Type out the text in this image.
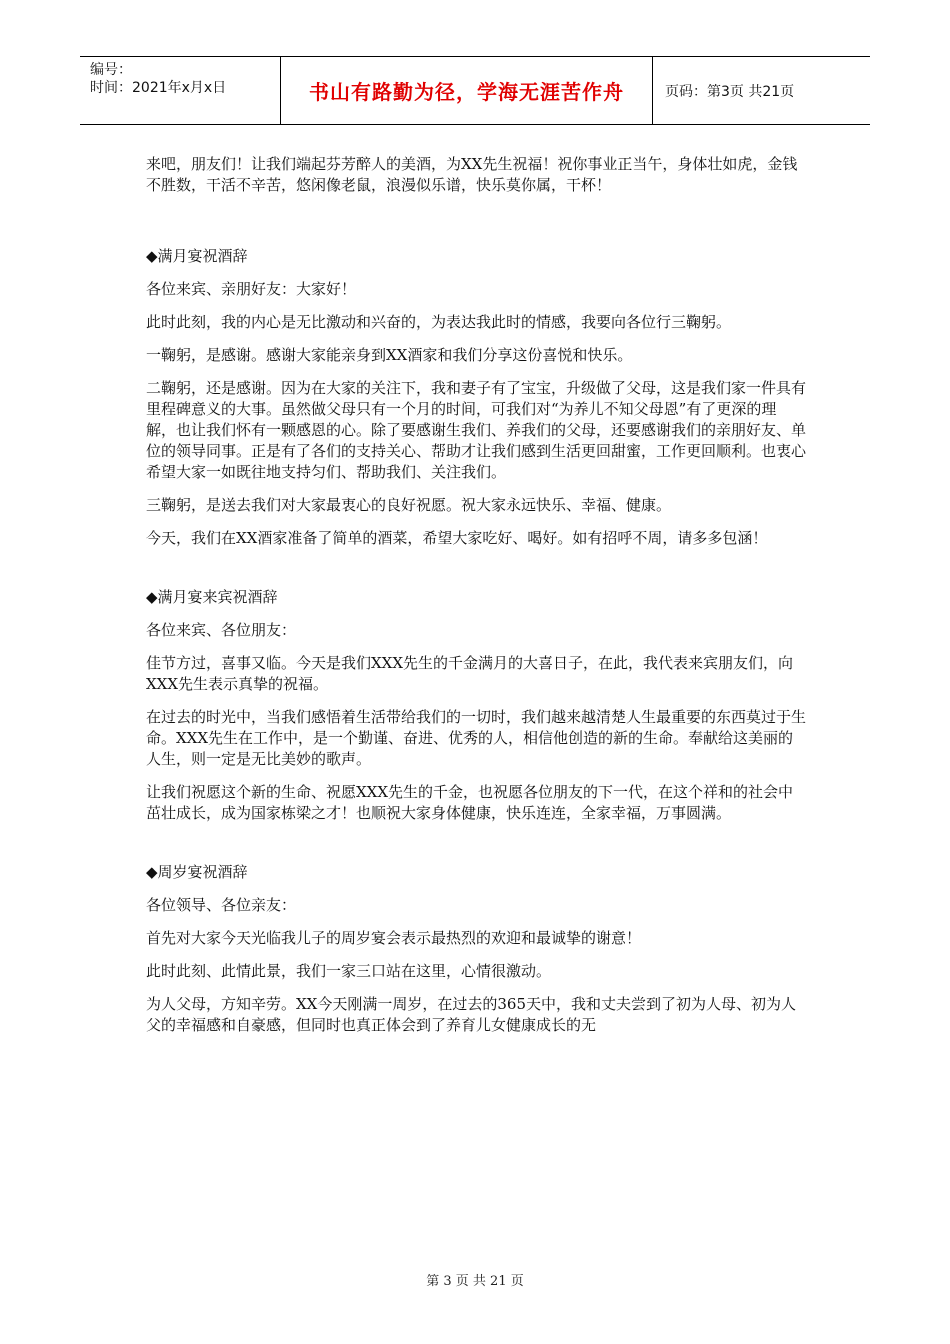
编号：
时间：2021年x月x日	书山有路勤为径，学海无涯苦作舟	页码：第3页 共21页

来吧，朋友们！让我们端起芬芳醉人的美酒，为XX先生祝福！祝你事业正当午，身体壮如虎，金钱不胜数，干活不辛苦，悠闲像老鼠，浪漫似乐谱，快乐莫你属，干杯！

◆满月宴祝酒辞

各位来宾、亲朋好友：大家好！

此时此刻，我的内心是无比激动和兴奋的，为表达我此时的情感，我要向各位行三鞠躬。

一鞠躬，是感谢。感谢大家能亲身到XX酒家和我们分享这份喜悦和快乐。

二鞠躬，还是感谢。因为在大家的关注下，我和妻子有了宝宝，升级做了父母，这是我们家一件具有里程碑意义的大事。虽然做父母只有一个月的时间，可我们对“为养儿不知父母恩”有了更深的理解，也让我们怀有一颗感恩的心。除了要感谢生我们、养我们的父母，还要感谢我们的亲朋好友、单位的领导同事。正是有了各们的支持关心、帮助才让我们感到生活更回甜蜜，工作更回顺利。也衷心希望大家一如既往地支持匀们、帮助我们、关注我们。

三鞠躬，是送去我们对大家最衷心的良好祝愿。祝大家永远快乐、幸福、健康。

今天，我们在XX酒家准备了简单的酒菜，希望大家吃好、喝好。如有招呼不周，请多多包涵！

◆满月宴来宾祝酒辞

各位来宾、各位朋友：

佳节方过，喜事又临。今天是我们XXX先生的千金满月的大喜日子，在此，我代表来宾朋友们，向XXX先生表示真挚的祝福。

在过去的时光中，当我们感悟着生活带给我们的一切时，我们越来越清楚人生最重要的东西莫过于生命。XXX先生在工作中，是一个勤谨、奋进、优秀的人，相信他创造的新的生命。奉献给这美丽的人生，则一定是无比美妙的歌声。

让我们祝愿这个新的生命、祝愿XXX先生的千金，也祝愿各位朋友的下一代，在这个祥和的社会中茁壮成长，成为国家栋梁之才！也顺祝大家身体健康，快乐连连，全家幸福，万事圆满。

◆周岁宴祝酒辞

各位领导、各位亲友：

首先对大家今天光临我儿子的周岁宴会表示最热烈的欢迎和最诚挚的谢意！

此时此刻、此情此景，我们一家三口站在这里，心情很激动。

为人父母，方知辛劳。XX今天刚满一周岁，在过去的365天中，我和丈夫尝到了初为人母、初为人父的幸福感和自豪感，但同时也真正体会到了养育儿女健康成长的无

第 3 页 共 21 页
